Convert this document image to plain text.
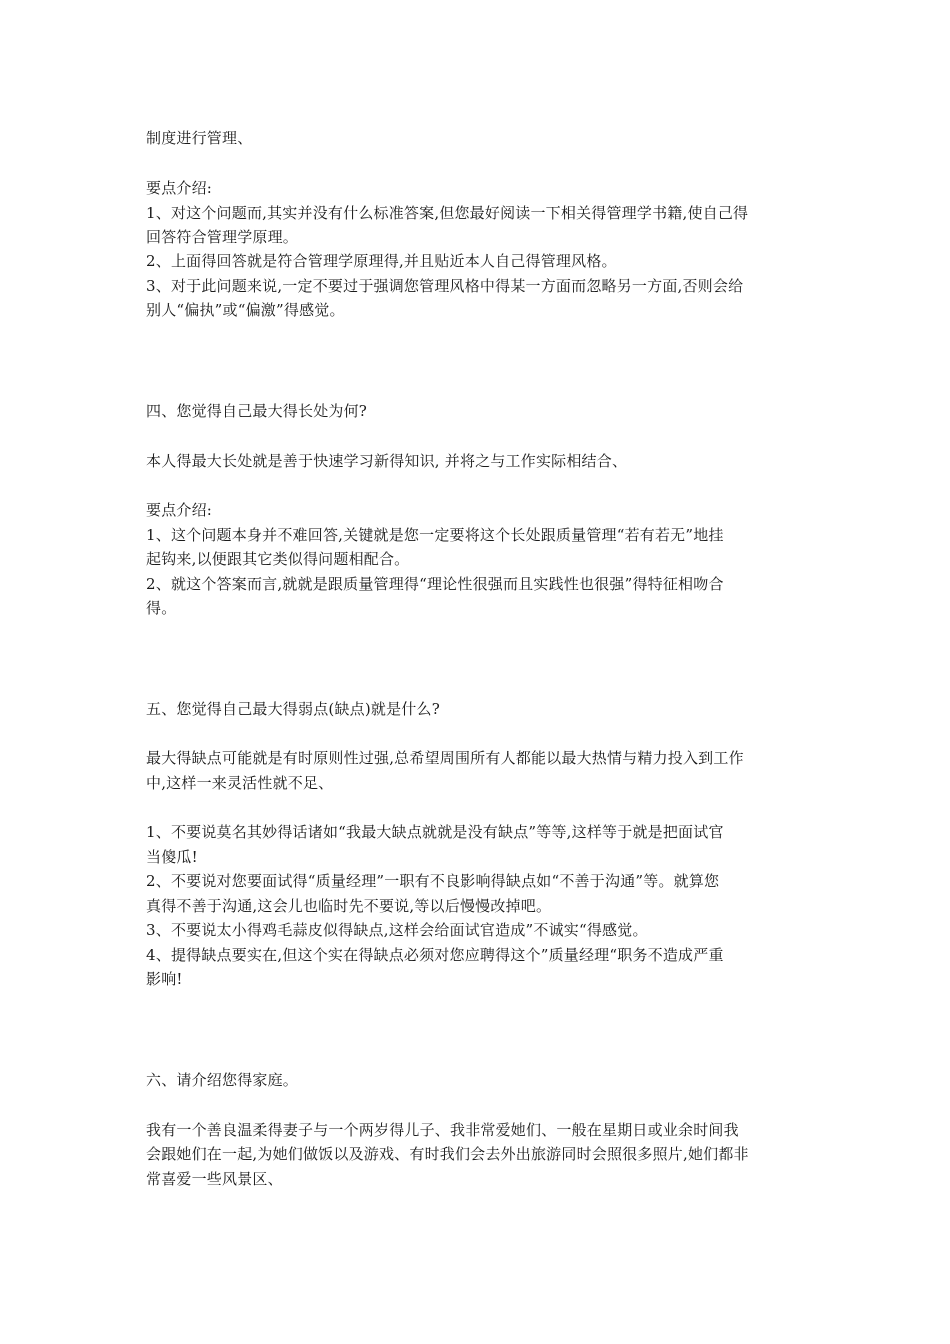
制度进行管理、
要点介绍:
1、对这个问题而,其实并没有什么标准答案,但您最好阅读一下相关得管理学书籍,使自己得
回答符合管理学原理。
2、上面得回答就是符合管理学原理得,并且贴近本人自己得管理风格。
3、对于此问题来说,一定不要过于强调您管理风格中得某一方面而忽略另一方面,否则会给
别人“偏执”或“偏激”得感觉。
四、您觉得自己最大得长处为何?
本人得最大长处就是善于快速学习新得知识, 并将之与工作实际相结合、
要点介绍:
1、这个问题本身并不难回答,关键就是您一定要将这个长处跟质量管理“若有若无”地挂
起钩来,以便跟其它类似得问题相配合。
2、就这个答案而言,就就是跟质量管理得“理论性很强而且实践性也很强”得特征相吻合
得。
五、您觉得自己最大得弱点(缺点)就是什么?
最大得缺点可能就是有时原则性过强,总希望周围所有人都能以最大热情与精力投入到工作
中,这样一来灵活性就不足、
1、不要说莫名其妙得话诸如“我最大缺点就就是没有缺点”等等,这样等于就是把面试官
当傻瓜!
2、不要说对您要面试得“质量经理”一职有不良影响得缺点如“不善于沟通”等。就算您
真得不善于沟通,这会儿也临时先不要说,等以后慢慢改掉吧。
3、不要说太小得鸡毛蒜皮似得缺点,这样会给面试官造成”不诚实“得感觉。
4、提得缺点要实在,但这个实在得缺点必须对您应聘得这个”质量经理“职务不造成严重
影响!
六、请介绍您得家庭。
我有一个善良温柔得妻子与一个两岁得儿子、我非常爱她们、一般在星期日或业余时间我
会跟她们在一起,为她们做饭以及游戏、有时我们会去外出旅游同时会照很多照片,她们都非
常喜爱一些风景区、
